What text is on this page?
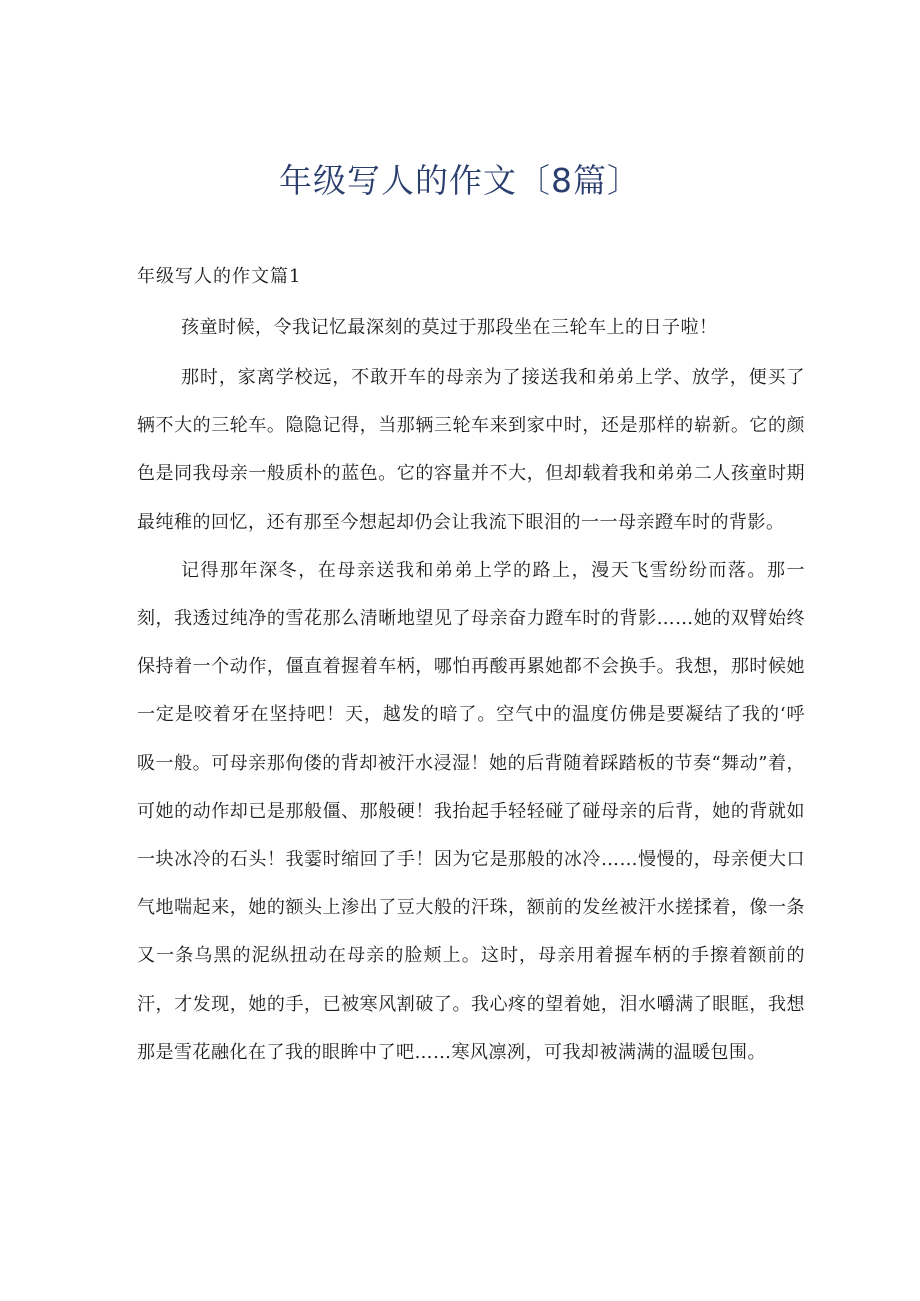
年级写人的作文〔8篇〕
年级写人的作文篇1

孩童时候，令我记忆最深刻的莫过于那段坐在三轮车上的日子啦！

那时，家离学校远，不敢开车的母亲为了接送我和弟弟上学、放学，便买了辆不大的三轮车。隐隐记得，当那辆三轮车来到家中时，还是那样的崭新。它的颜色是同我母亲一般质朴的蓝色。它的容量并不大，但却载着我和弟弟二人孩童时期最纯稚的回忆，还有那至今想起却仍会让我流下眼泪的一一母亲蹬车时的背影。

记得那年深冬，在母亲送我和弟弟上学的路上，漫天飞雪纷纷而落。那一刻，我透过纯净的雪花那么清晰地望见了母亲奋力蹬车时的背影……她的双臂始终保持着一个动作，僵直着握着车柄，哪怕再酸再累她都不会换手。我想，那时候她一定是咬着牙在坚持吧！天，越发的暗了。空气中的温度仿佛是要凝结了我的‘呼吸一般。可母亲那佝偻的背却被汗水浸湿！她的后背随着踩踏板的节奏“舞动”着，可她的动作却已是那般僵、那般硬！我抬起手轻轻碰了碰母亲的后背，她的背就如一块冰冷的石头！我霎时缩回了手！因为它是那般的冰冷……慢慢的，母亲便大口气地喘起来，她的额头上渗出了豆大般的汗珠，额前的发丝被汗水搓揉着，像一条又一条乌黑的泥纵扭动在母亲的脸颊上。这时，母亲用着握车柄的手擦着额前的汗，才发现，她的手，已被寒风割破了。我心疼的望着她，泪水嚼满了眼眶，我想那是雪花融化在了我的眼眸中了吧……寒风凛冽，可我却被满满的温暖包围。
